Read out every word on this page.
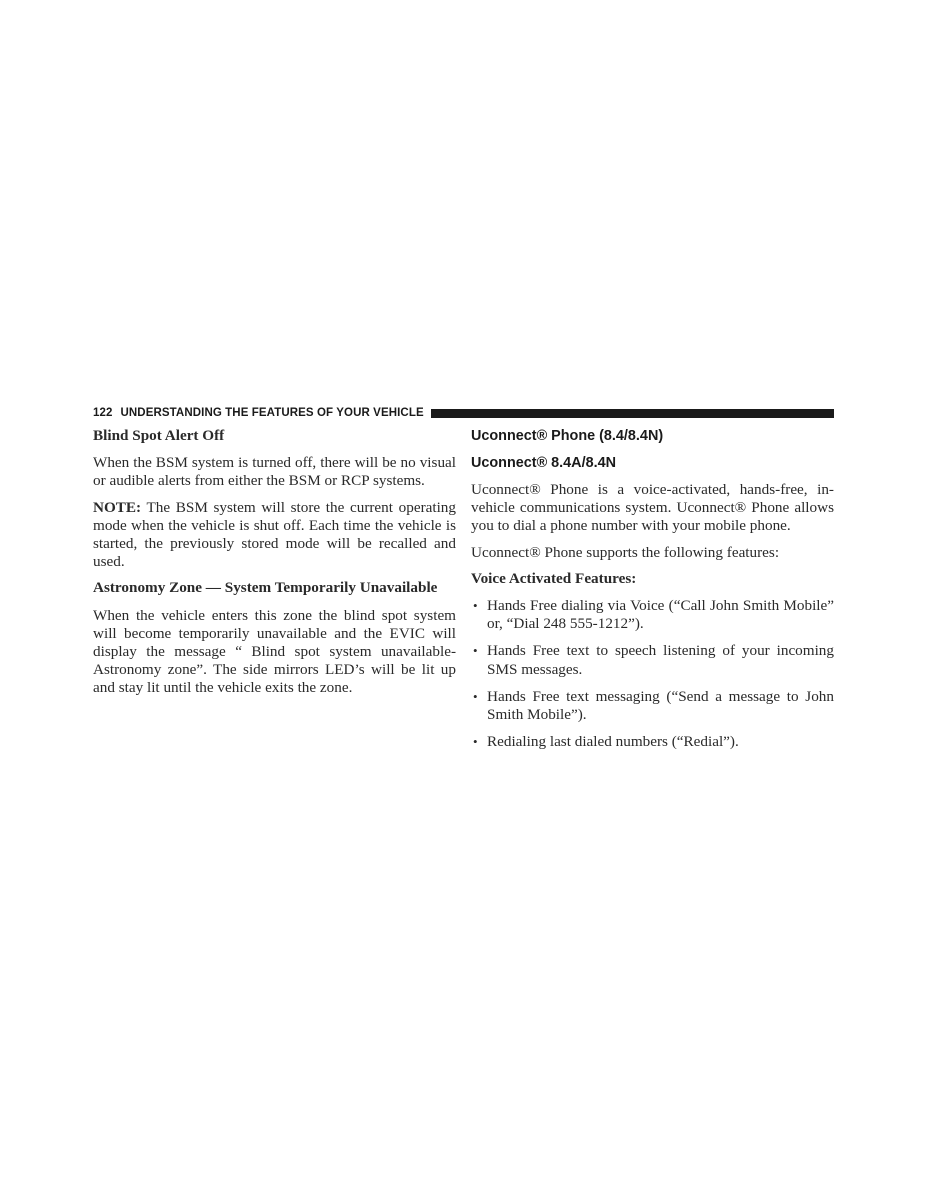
122 UNDERSTANDING THE FEATURES OF YOUR VEHICLE
Blind Spot Alert Off

When the BSM system is turned off, there will be no visual or audible alerts from either the BSM or RCP systems.

NOTE: The BSM system will store the current operating mode when the vehicle is shut off. Each time the vehicle is started, the previously stored mode will be recalled and used.

Astronomy Zone — System Temporarily Unavailable

When the vehicle enters this zone the blind spot system will become temporarily unavailable and the EVIC will display the message “ Blind spot system unavailable-Astronomy zone”. The side mirrors LED’s will be lit up and stay lit until the vehicle exits the zone.

Uconnect® Phone (8.4/8.4N)
Uconnect® 8.4A/8.4N

Uconnect® Phone is a voice-activated, hands-free, in-vehicle communications system. Uconnect® Phone allows you to dial a phone number with your mobile phone.

Uconnect® Phone supports the following features:

Voice Activated Features:
• Hands Free dialing via Voice (“Call John Smith Mobile” or, “Dial 248 555-1212”).
• Hands Free text to speech listening of your incoming SMS messages.
• Hands Free text messaging (“Send a message to John Smith Mobile”).
• Redialing last dialed numbers (“Redial”).
